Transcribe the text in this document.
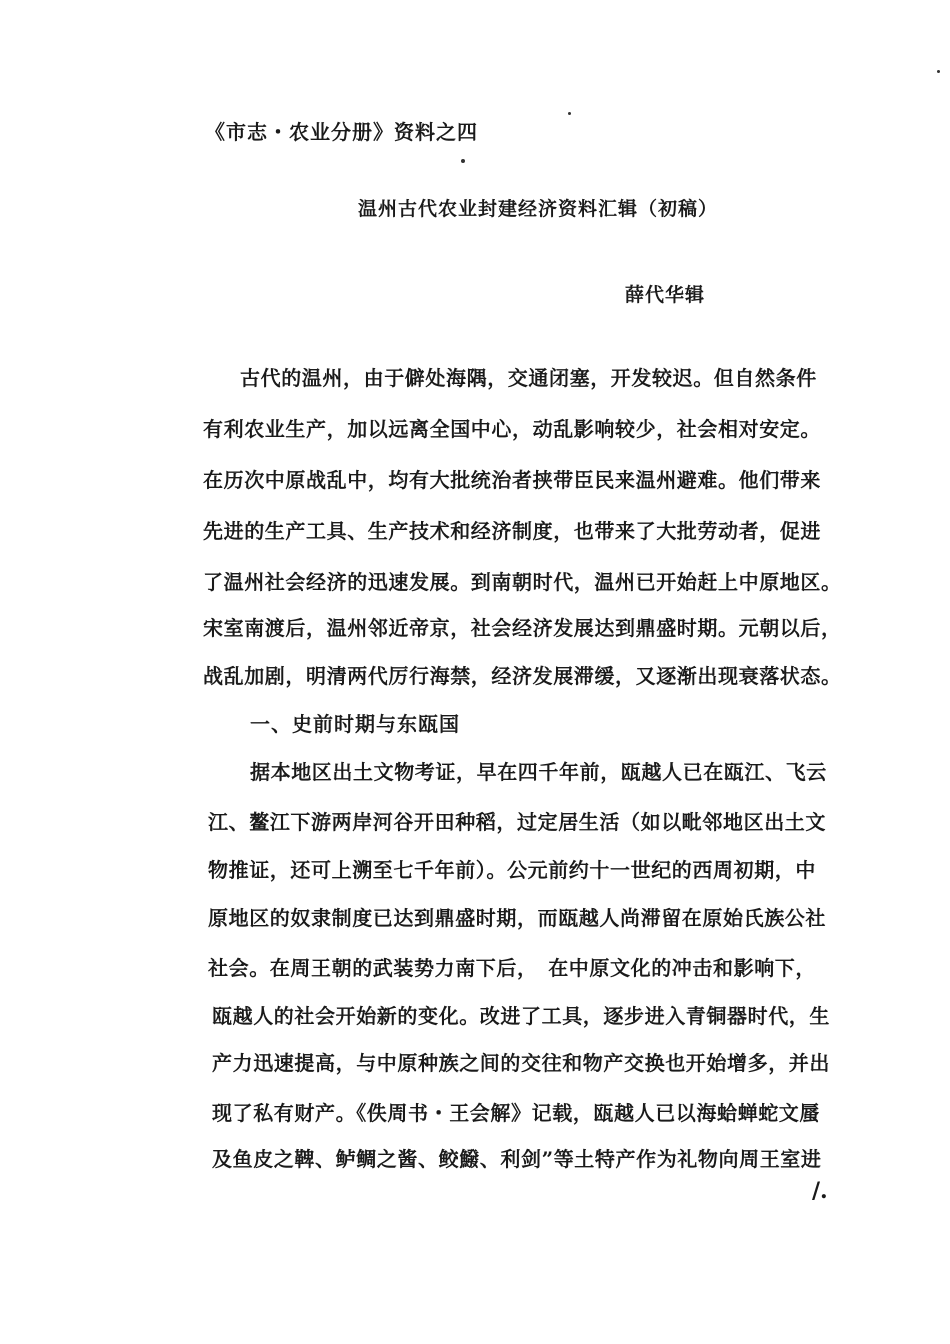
《市志・农业分册》资料之四
温州古代农业封建经济资料汇辑（初稿）
薛代华辑
古代的温州，由于僻处海隅，交通闭塞，开发较迟。但自然条件
有利农业生产，加以远离全国中心，动乱影响较少，社会相对安定。
在历次中原战乱中，均有大批统治者挟带臣民来温州避难。他们带来
先进的生产工具、生产技术和经济制度，也带来了大批劳动者，促进
了温州社会经济的迅速发展。到南朝时代，温州已开始赶上中原地区。
宋室南渡后，温州邻近帝京，社会经济发展达到鼎盛时期。元朝以后，
战乱加剧，明清两代厉行海禁，经济发展滞缓，又逐渐出现衰落状态。
一、史前时期与东瓯国
据本地区出土文物考证，早在四千年前，瓯越人已在瓯江、飞云
江、鳌江下游两岸河谷开田种稻，过定居生活（如以毗邻地区出土文
物推证，还可上溯至七千年前）。公元前约十一世纪的西周初期，中
原地区的奴隶制度已达到鼎盛时期，而瓯越人尚滞留在原始氏族公社
社会。在周王朝的武装势力南下后，　在中原文化的冲击和影响下，
瓯越人的社会开始新的变化。改进了工具，逐步进入青铜器时代，生
产力迅速提高，与中原种族之间的交往和物产交换也开始增多，并出
现了私有财产。《佚周书・王会解》记载，瓯越人已以海蛤蝉蛇文蜃
及鱼皮之鞞、鲈鲷之酱、鲛鱍、利剑”等土特产作为礼物向周王室进
/.
